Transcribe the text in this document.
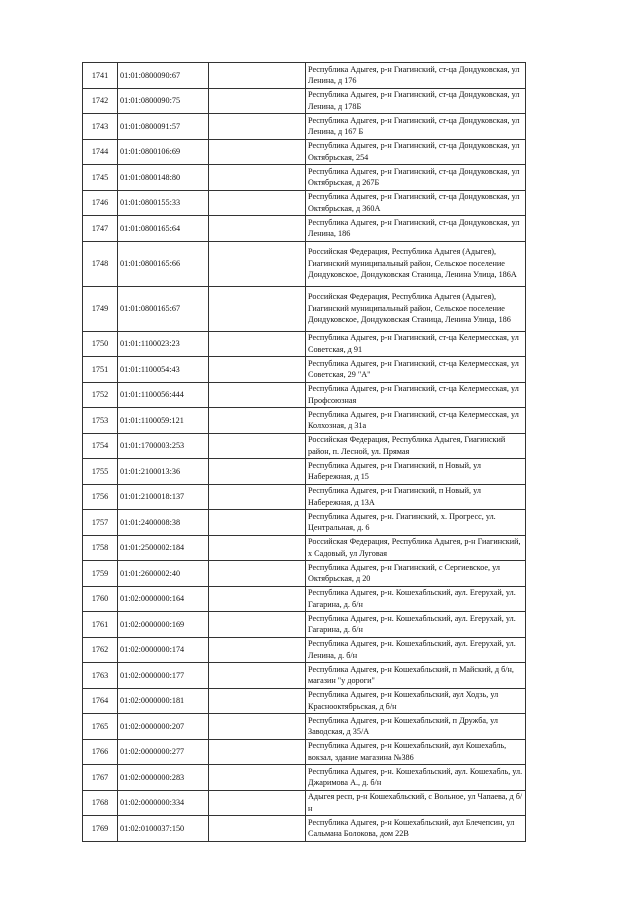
1741	01:01:0800090:67		Республика Адыгея, р-н Гиагинский, ст-ца Дондуковская, ул Ленина, д 176
1742	01:01:0800090:75		Республика Адыгея, р-н Гиагинский, ст-ца Дондуковская, ул Ленина, д 178Б
1743	01:01:0800091:57		Республика Адыгея, р-н Гиагинский, ст-ца Дондуковская, ул Ленина, д 167 Б
1744	01:01:0800106:69		Республика Адыгея, р-н Гиагинский, ст-ца Дондуковская, ул Октябрьская, 254
1745	01:01:0800148:80		Республика Адыгея, р-н Гиагинский, ст-ца Дондуковская, ул Октябрьская, д 267Б
1746	01:01:0800155:33		Республика Адыгея, р-н Гиагинский, ст-ца Дондуковская, ул Октябрьская, д 360А
1747	01:01:0800165:64		Республика Адыгея, р-н Гиагинский, ст-ца Дондуковская, ул Ленина, 186
1748	01:01:0800165:66		Российская Федерация, Республика Адыгея (Адыгея), Гиагинский муниципальный район, Сельское поселение Дондуковское, Дондуковская Станица, Ленина Улица, 186А
1749	01:01:0800165:67		Российская Федерация, Республика Адыгея (Адыгея), Гиагинский муниципальный район, Сельское поселение Дондуковское, Дондуковская Станица, Ленина Улица, 186
1750	01:01:1100023:23		Республика Адыгея, р-н Гиагинский, ст-ца Келермесская, ул Советская, д 91
1751	01:01:1100054:43		Республика Адыгея, р-н Гиагинский, ст-ца Келермесская, ул Советская, 29 "А"
1752	01:01:1100056:444		Республика Адыгея, р-н Гиагинский, ст-ца Келермесская, ул Профсоюзная
1753	01:01:1100059:121		Республика Адыгея, р-н Гиагинский, ст-ца Келермесская, ул Колхозная, д 31а
1754	01:01:1700003:253		Российская Федерация, Республика Адыгея, Гиагинский район, п. Лесной, ул. Прямая
1755	01:01:2100013:36		Республика Адыгея, р-н Гиагинский, п Новый, ул Набережная, д 15
1756	01:01:2100018:137		Республика Адыгея, р-н Гиагинский, п Новый, ул Набережная, д 13А
1757	01:01:2400008:38		Республика Адыгея, р-н. Гиагинский, х. Прогресс, ул. Центральная, д. 6
1758	01:01:2500002:184		Российская Федерация, Республика Адыгея, р-н Гиагинский, х Садовый, ул Луговая
1759	01:01:2600002:40		Республика Адыгея, р-н Гиагинский, с Сергиевское, ул Октябрьская, д 20
1760	01:02:0000000:164		Республика Адыгея, р-н. Кошехабльский, аул. Егерухай, ул. Гагарина, д. б/н
1761	01:02:0000000:169		Республика Адыгея, р-н. Кошехабльский, аул. Егерухай, ул. Гагарина, д. б/н
1762	01:02:0000000:174		Республика Адыгея, р-н. Кошехабльский, аул. Егерухай, ул. Ленина, д. б/н
1763	01:02:0000000:177		Республика Адыгея, р-н Кошехабльский, п Майский, д б/н, магазин "у дороги"
1764	01:02:0000000:181		Республика Адыгея, р-н Кошехабльский, аул Ходзь, ул Краснооктябрьская, д б/н
1765	01:02:0000000:207		Республика Адыгея, р-н Кошехабльский, п Дружба, ул Заводская, д 35/А
1766	01:02:0000000:277		Республика Адыгея, р-н Кошехабльский, аул Кошехабль, вокзал, здание магазина №386
1767	01:02:0000000:283		Республика Адыгея, р-н. Кошехабльский, аул. Кошехабль, ул. Джаримова А., д. б/н
1768	01:02:0000000:334		Адыгея респ, р-н Кошехабльский, с Вольное, ул Чапаева, д б/н
1769	01:02:0100037:150		Республика Адыгея, р-н Кошехабльский, аул Блечепсин, ул Сальмана Болокова, дом 22В
